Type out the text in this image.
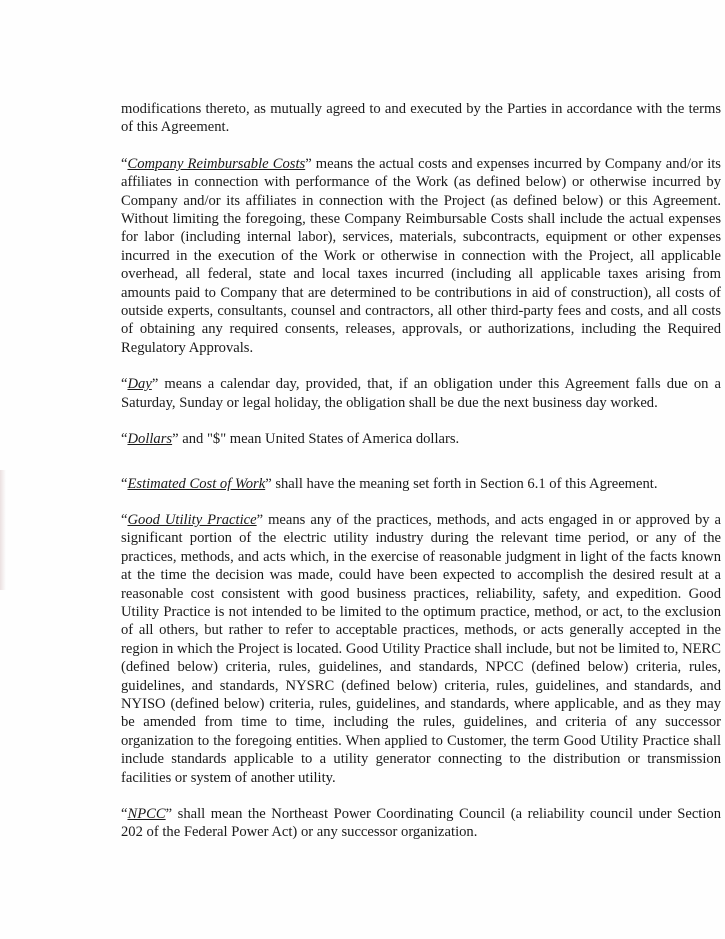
modifications thereto, as mutually agreed to and executed by the Parties in accordance with the terms of this Agreement.

“Company Reimbursable Costs” means the actual costs and expenses incurred by Company and/or its affiliates in connection with performance of the Work (as defined below) or otherwise incurred by Company and/or its affiliates in connection with the Project (as defined below) or this Agreement. Without limiting the foregoing, these Company Reimbursable Costs shall include the actual expenses for labor (including internal labor), services, materials, subcontracts, equipment or other expenses incurred in the execution of the Work or otherwise in connection with the Project, all applicable overhead, all federal, state and local taxes incurred (including all applicable taxes arising from amounts paid to Company that are determined to be contributions in aid of construction), all costs of outside experts, consultants, counsel and contractors, all other third-party fees and costs, and all costs of obtaining any required consents, releases, approvals, or authorizations, including the Required Regulatory Approvals.

“Day” means a calendar day, provided, that, if an obligation under this Agreement falls due on a Saturday, Sunday or legal holiday, the obligation shall be due the next business day worked.

“Dollars” and "$" mean United States of America dollars.

“Estimated Cost of Work” shall have the meaning set forth in Section 6.1 of this Agreement.

“Good Utility Practice” means any of the practices, methods, and acts engaged in or approved by a significant portion of the electric utility industry during the relevant time period, or any of the practices, methods, and acts which, in the exercise of reasonable judgment in light of the facts known at the time the decision was made, could have been expected to accomplish the desired result at a reasonable cost consistent with good business practices, reliability, safety, and expedition. Good Utility Practice is not intended to be limited to the optimum practice, method, or act, to the exclusion of all others, but rather to refer to acceptable practices, methods, or acts generally accepted in the region in which the Project is located. Good Utility Practice shall include, but not be limited to, NERC (defined below) criteria, rules, guidelines, and standards, NPCC (defined below) criteria, rules, guidelines, and standards, NYSRC (defined below) criteria, rules, guidelines, and standards, and NYISO (defined below) criteria, rules, guidelines, and standards, where applicable, and as they may be amended from time to time, including the rules, guidelines, and criteria of any successor organization to the foregoing entities. When applied to Customer, the term Good Utility Practice shall include standards applicable to a utility generator connecting to the distribution or transmission facilities or system of another utility.

“NPCC” shall mean the Northeast Power Coordinating Council (a reliability council under Section 202 of the Federal Power Act) or any successor organization.
